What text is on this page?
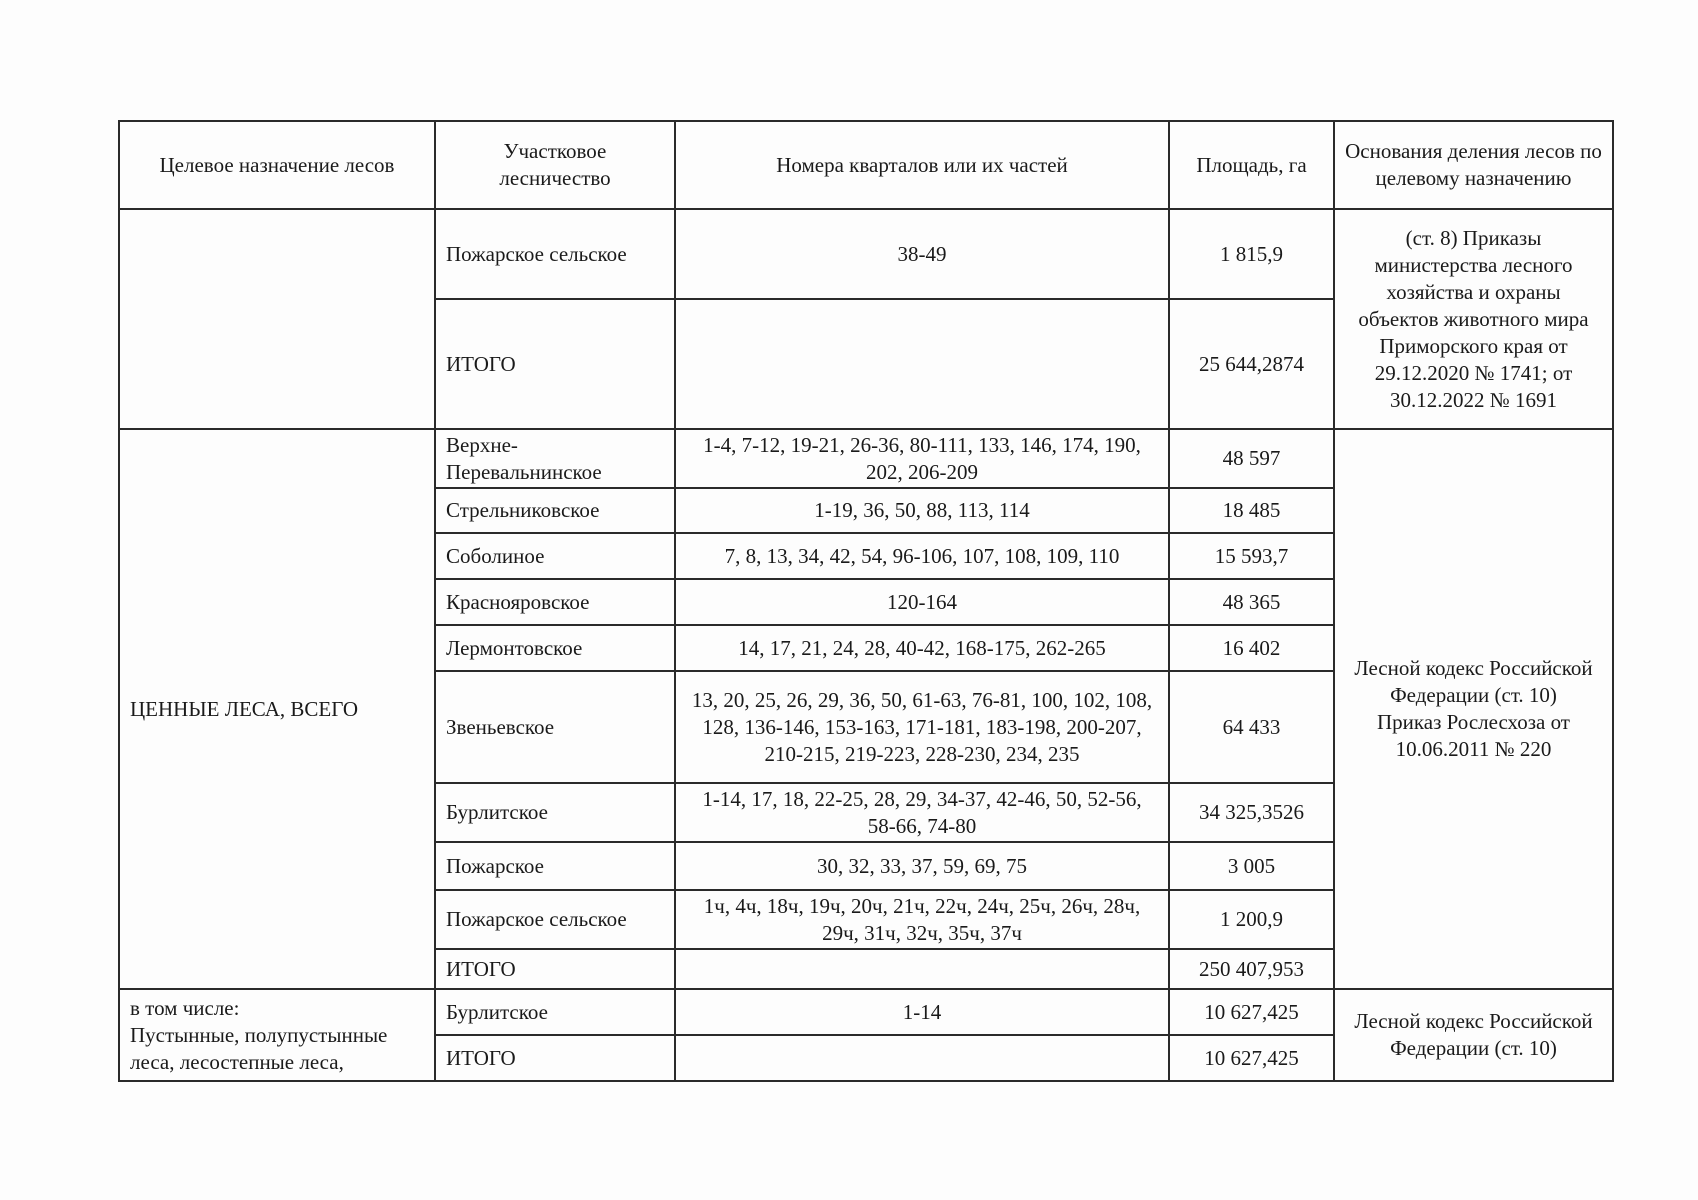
Целевое назначение лесов	Участковое лесничество	Номера кварталов или их частей	Площадь, га	Основания деления лесов по целевому назначению
	Пожарское сельское	38-49	1 815,9	(ст. 8) Приказы министерства лесного хозяйства и охраны объектов животного мира Приморского края от 29.12.2020 № 1741; от 30.12.2022 № 1691
	ИТОГО		25 644,2874	
ЦЕННЫЕ ЛЕСА, ВСЕГО	Верхне-Перевальнинское	1-4, 7-12, 19-21, 26-36, 80-111, 133, 146, 174, 190, 202, 206-209	48 597	Лесной кодекс Российской Федерации (ст. 10)
Приказ Рослесхоза от 10.06.2011 № 220

	Стрельниковское	1-19, 36, 50, 88, 113, 114	18 485	
	Соболиное	7, 8, 13, 34, 42, 54, 96-106, 107, 108, 109, 110	15 593,7	
	Краснояровское	120-164	48 365	
	Лермонтовское	14, 17, 21, 24, 28, 40-42, 168-175, 262-265	16 402	
	Звеньевское	13, 20, 25, 26, 29, 36, 50, 61-63, 76-81, 100, 102, 108, 128, 136-146, 153-163, 171-181, 183-198, 200-207, 210-215, 219-223, 228-230, 234, 235	64 433	
	Бурлитское	1-14, 17, 18, 22-25, 28, 29, 34-37, 42-46, 50, 52-56, 58-66, 74-80	34 325,3526	
	Пожарское	30, 32, 33, 37, 59, 69, 75	3 005	
	Пожарское сельское	1ч, 4ч, 18ч, 19ч, 20ч, 21ч, 22ч, 24ч, 25ч, 26ч, 28ч, 29ч, 31ч, 32ч, 35ч, 37ч	1 200,9	
	ИТОГО		250 407,953	

в том числе:
Пустынные, полупустынные леса, лесостепные леса,	Бурлитское	1-14	10 627,425	Лесной кодекс Российской Федерации (ст. 10)
	ИТОГО		10 627,425	
